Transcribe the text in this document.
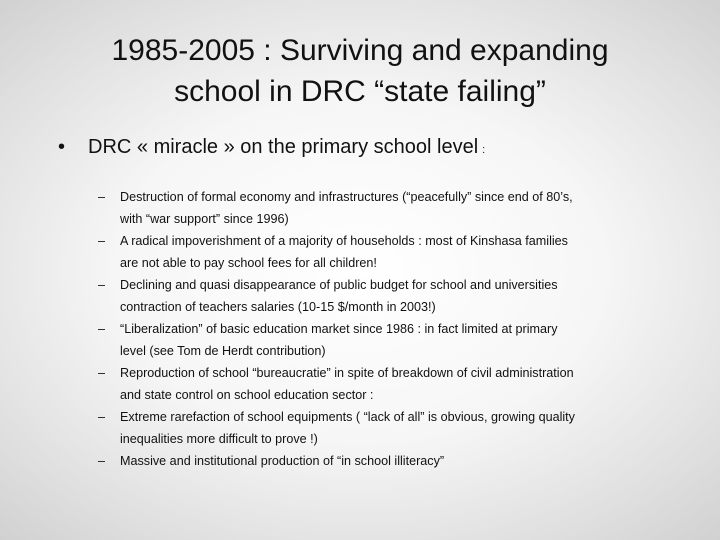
1985-2005 : Surviving and expanding
school in DRC “state failing”
• DRC « miracle » on the primary school level :
– Destruction of formal economy and infrastructures (“peacefully” since end of 80’s,
with “war support” since 1996)
– A radical impoverishment of a majority of households : most of Kinshasa families
are not able to pay school fees for all children!
– Declining and quasi disappearance of public budget for school and universities
contraction of teachers salaries (10-15 $/month in 2003!)
– “Liberalization” of basic education market since 1986 : in fact limited at primary
level (see Tom de Herdt contribution)
– Reproduction of school “bureaucratie” in spite of breakdown of civil administration
and state control on school education sector :
– Extreme rarefaction of school equipments ( “lack of all” is obvious, growing quality
inequalities more difficult to prove !)
– Massive and institutional production of “in school illiteracy”
